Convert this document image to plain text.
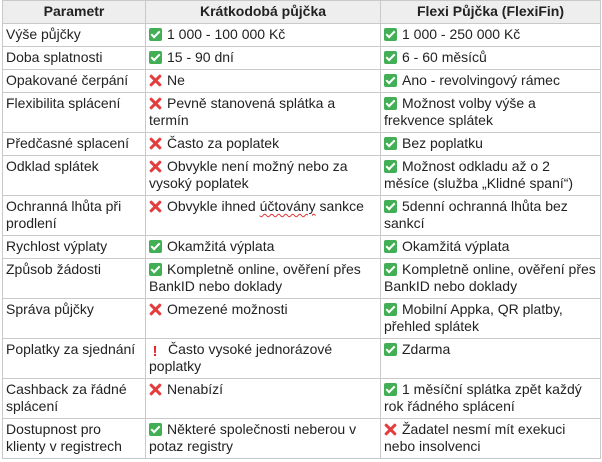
Parametr	Krátkodobá půjčka	Flexi Půjčka (FlexiFin)
Výše půjčky	1 000 - 100 000 Kč	1 000 - 250 000 Kč
Doba splatnosti	15 - 90 dní	6 - 60 měsíců
Opakované čerpání	Ne	Ano - revolvingový rámec
Flexibilita splácení	Pevně stanovená splátka a termín	Možnost volby výše a frekvence splátek
Předčasné splacení	Často za poplatek	Bez poplatku
Odklad splátek	Obvykle není možný nebo za vysoký poplatek	Možnost odkladu až o 2 měsíce (služba „Klidné spaní“)
Ochranná lhůta při prodlení	Obvykle ihned účtovány sankce	5denní ochranná lhůta bez sankcí
Rychlost výplaty	Okamžitá výplata	Okamžitá výplata
Způsob žádosti	Kompletně online, ověření přes BankID nebo doklady	Kompletně online, ověření přes BankID nebo doklady
Správa půjčky	Omezené možnosti	Mobilní Appka, QR platby, přehled splátek
Poplatky za sjednání	!Často vysoké jednorázové poplatky	Zdarma
Cashback za řádné splácení	Nenabízí	1 měsíční splátka zpět každý rok řádného splácení
Dostupnost pro klienty v registrech	Některé společnosti neberou v potaz registry	Žadatel nesmí mít exekuci nebo insolvenci
